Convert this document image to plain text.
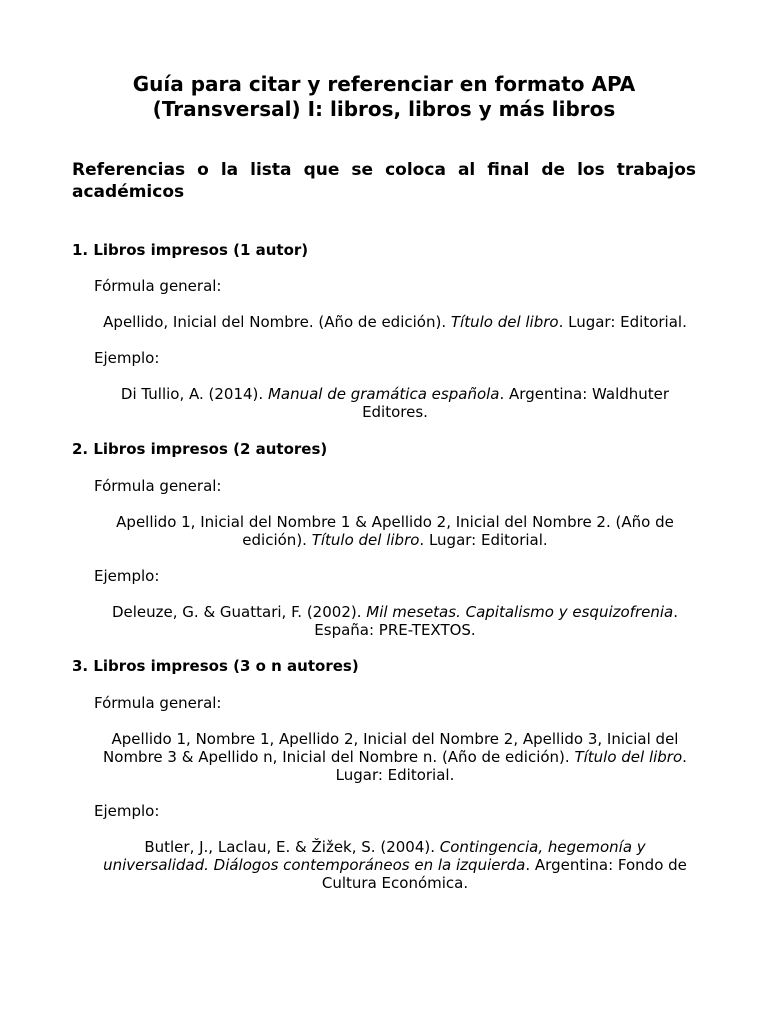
Guía para citar y referenciar en formato APA
(Transversal) I: libros, libros y más libros
Referencias o la lista que se coloca al final de los trabajos académicos
1. Libros impresos (1 autor)
Fórmula general:
Apellido, Inicial del Nombre. (Año de edición). Título del libro. Lugar: Editorial.
Ejemplo:
Di Tullio, A. (2014). Manual de gramática española. Argentina: Waldhuter Editores.
2. Libros impresos (2 autores)
Fórmula general:
Apellido 1, Inicial del Nombre 1 & Apellido 2, Inicial del Nombre 2. (Año de edición). Título del libro. Lugar: Editorial.
Ejemplo:
Deleuze, G. & Guattari, F. (2002). Mil mesetas. Capitalismo y esquizofrenia. España: PRE-TEXTOS.
3. Libros impresos (3 o n autores)
Fórmula general:
Apellido 1, Nombre 1, Apellido 2, Inicial del Nombre 2, Apellido 3, Inicial del Nombre 3 & Apellido n, Inicial del Nombre n. (Año de edición). Título del libro. Lugar: Editorial.
Ejemplo:
Butler, J., Laclau, E. & Žižek, S. (2004). Contingencia, hegemonía y universalidad. Diálogos contemporáneos en la izquierda. Argentina: Fondo de Cultura Económica.
